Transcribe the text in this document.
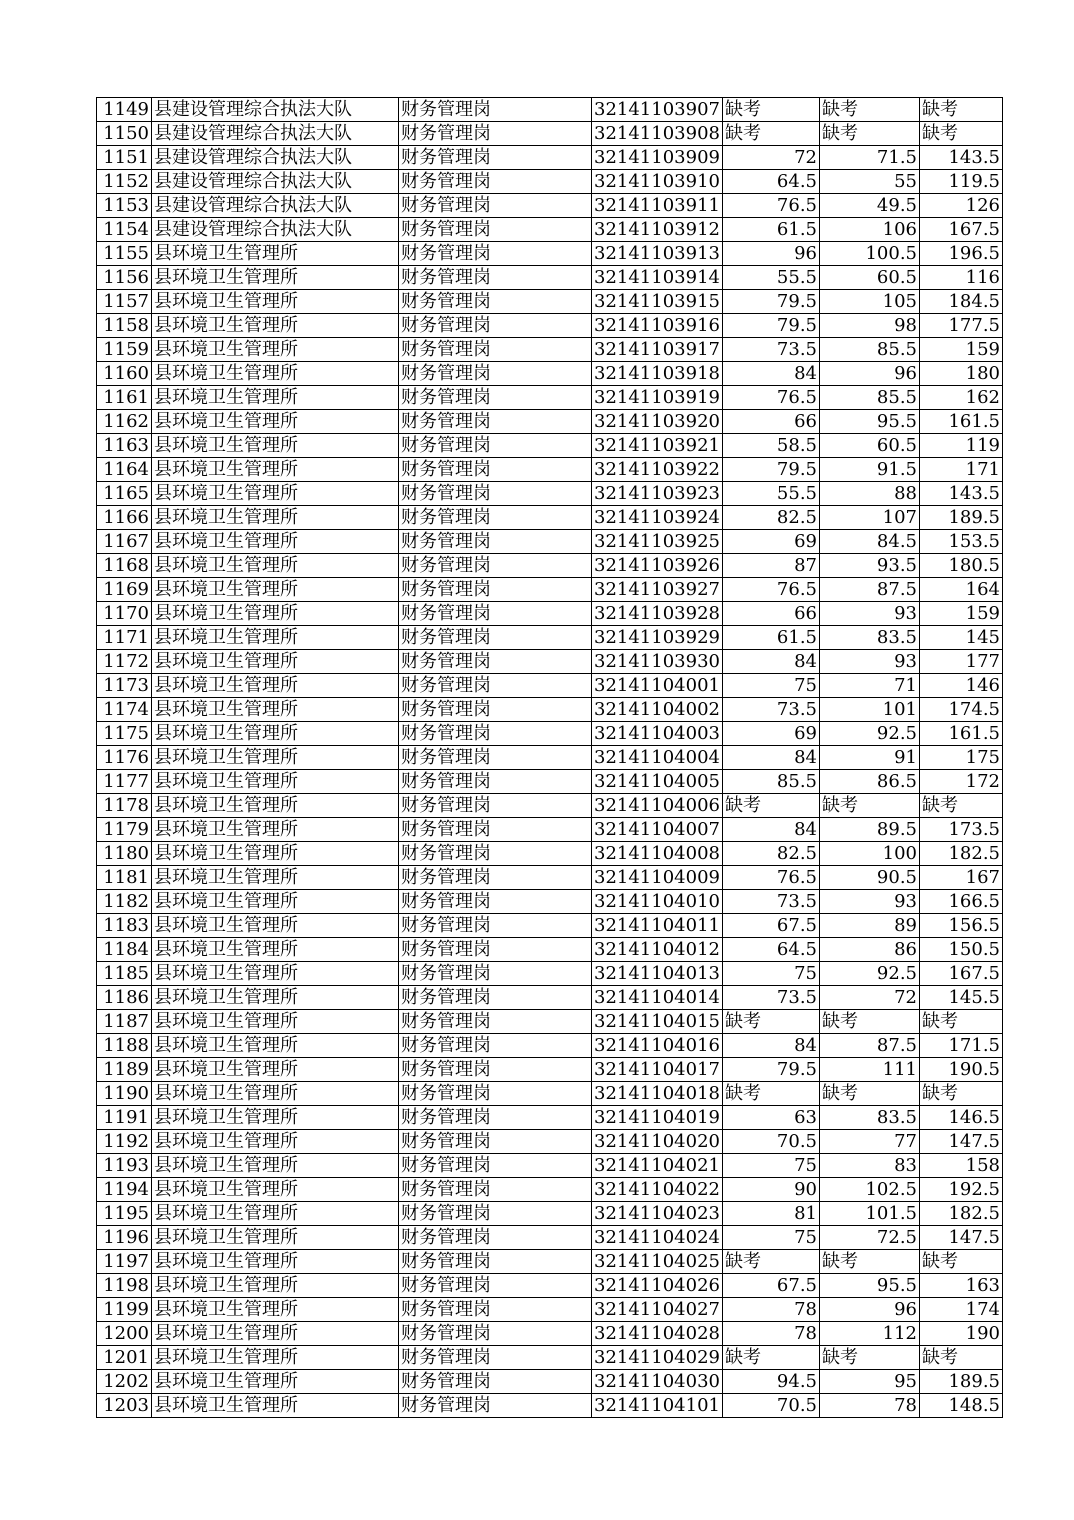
1149	县建设管理综合执法大队	财务管理岗	32141103907	缺考	缺考	缺考
1150	县建设管理综合执法大队	财务管理岗	32141103908	缺考	缺考	缺考
1151	县建设管理综合执法大队	财务管理岗	32141103909	72	71.5	143.5
1152	县建设管理综合执法大队	财务管理岗	32141103910	64.5	55	119.5
1153	县建设管理综合执法大队	财务管理岗	32141103911	76.5	49.5	126
1154	县建设管理综合执法大队	财务管理岗	32141103912	61.5	106	167.5
1155	县环境卫生管理所	财务管理岗	32141103913	96	100.5	196.5
1156	县环境卫生管理所	财务管理岗	32141103914	55.5	60.5	116
1157	县环境卫生管理所	财务管理岗	32141103915	79.5	105	184.5
1158	县环境卫生管理所	财务管理岗	32141103916	79.5	98	177.5
1159	县环境卫生管理所	财务管理岗	32141103917	73.5	85.5	159
1160	县环境卫生管理所	财务管理岗	32141103918	84	96	180
1161	县环境卫生管理所	财务管理岗	32141103919	76.5	85.5	162
1162	县环境卫生管理所	财务管理岗	32141103920	66	95.5	161.5
1163	县环境卫生管理所	财务管理岗	32141103921	58.5	60.5	119
1164	县环境卫生管理所	财务管理岗	32141103922	79.5	91.5	171
1165	县环境卫生管理所	财务管理岗	32141103923	55.5	88	143.5
1166	县环境卫生管理所	财务管理岗	32141103924	82.5	107	189.5
1167	县环境卫生管理所	财务管理岗	32141103925	69	84.5	153.5
1168	县环境卫生管理所	财务管理岗	32141103926	87	93.5	180.5
1169	县环境卫生管理所	财务管理岗	32141103927	76.5	87.5	164
1170	县环境卫生管理所	财务管理岗	32141103928	66	93	159
1171	县环境卫生管理所	财务管理岗	32141103929	61.5	83.5	145
1172	县环境卫生管理所	财务管理岗	32141103930	84	93	177
1173	县环境卫生管理所	财务管理岗	32141104001	75	71	146
1174	县环境卫生管理所	财务管理岗	32141104002	73.5	101	174.5
1175	县环境卫生管理所	财务管理岗	32141104003	69	92.5	161.5
1176	县环境卫生管理所	财务管理岗	32141104004	84	91	175
1177	县环境卫生管理所	财务管理岗	32141104005	85.5	86.5	172
1178	县环境卫生管理所	财务管理岗	32141104006	缺考	缺考	缺考
1179	县环境卫生管理所	财务管理岗	32141104007	84	89.5	173.5
1180	县环境卫生管理所	财务管理岗	32141104008	82.5	100	182.5
1181	县环境卫生管理所	财务管理岗	32141104009	76.5	90.5	167
1182	县环境卫生管理所	财务管理岗	32141104010	73.5	93	166.5
1183	县环境卫生管理所	财务管理岗	32141104011	67.5	89	156.5
1184	县环境卫生管理所	财务管理岗	32141104012	64.5	86	150.5
1185	县环境卫生管理所	财务管理岗	32141104013	75	92.5	167.5
1186	县环境卫生管理所	财务管理岗	32141104014	73.5	72	145.5
1187	县环境卫生管理所	财务管理岗	32141104015	缺考	缺考	缺考
1188	县环境卫生管理所	财务管理岗	32141104016	84	87.5	171.5
1189	县环境卫生管理所	财务管理岗	32141104017	79.5	111	190.5
1190	县环境卫生管理所	财务管理岗	32141104018	缺考	缺考	缺考
1191	县环境卫生管理所	财务管理岗	32141104019	63	83.5	146.5
1192	县环境卫生管理所	财务管理岗	32141104020	70.5	77	147.5
1193	县环境卫生管理所	财务管理岗	32141104021	75	83	158
1194	县环境卫生管理所	财务管理岗	32141104022	90	102.5	192.5
1195	县环境卫生管理所	财务管理岗	32141104023	81	101.5	182.5
1196	县环境卫生管理所	财务管理岗	32141104024	75	72.5	147.5
1197	县环境卫生管理所	财务管理岗	32141104025	缺考	缺考	缺考
1198	县环境卫生管理所	财务管理岗	32141104026	67.5	95.5	163
1199	县环境卫生管理所	财务管理岗	32141104027	78	96	174
1200	县环境卫生管理所	财务管理岗	32141104028	78	112	190
1201	县环境卫生管理所	财务管理岗	32141104029	缺考	缺考	缺考
1202	县环境卫生管理所	财务管理岗	32141104030	94.5	95	189.5
1203	县环境卫生管理所	财务管理岗	32141104101	70.5	78	148.5
